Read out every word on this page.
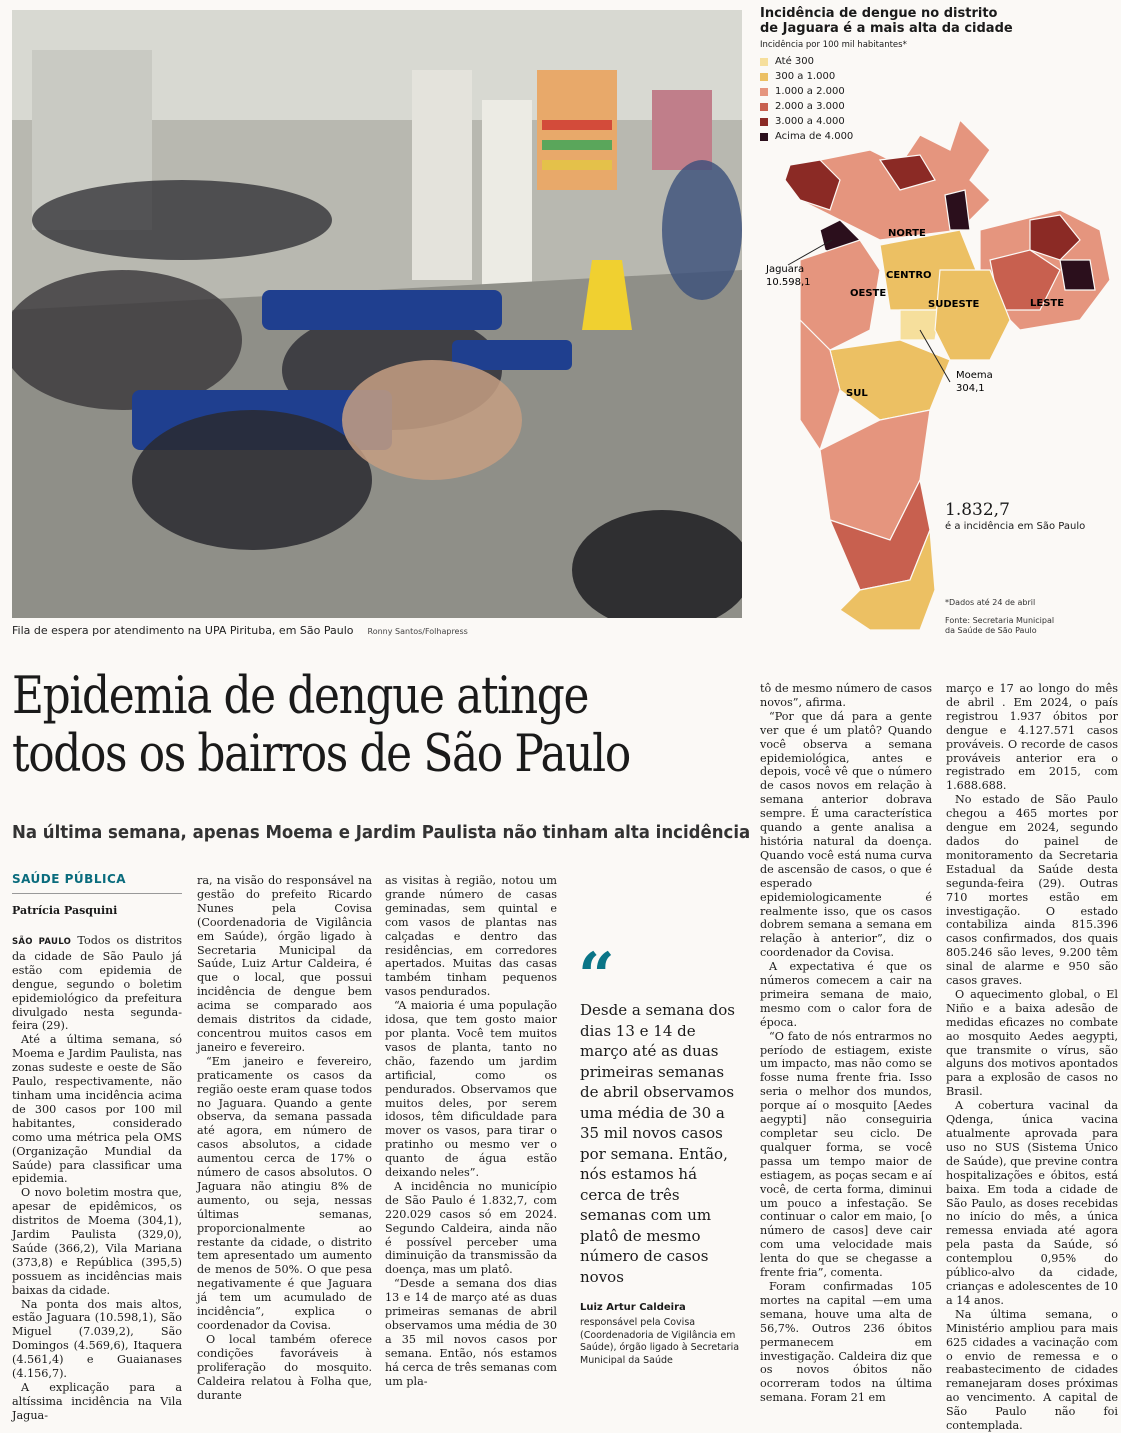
Fila de espera por atendimento na UPA Pirituba, em São Paulo Ronny Santos/Folhapress
Incidência de dengue no distrito
de Jaguara é a mais alta da cidade
Incidência por 100 mil habitantes*
Até 300
300 a 1.000
1.000 a 2.000
2.000 a 3.000
3.000 a 4.000
Acima de 4.000
NORTE
CENTRO
OESTE
SUDESTE	LESTE
SUL
Jaguara
10.598,1
Moema
304,1
1.832,7
é a incidência em São Paulo
*Dados até 24 de abril
Fonte: Secretaria Municipal
da Saúde de São Paulo
Epidemia de dengue atinge
todos os bairros de São Paulo
Na última semana, apenas Moema e Jardim Paulista não tinham alta incidência
SAÚDE PÚBLICA
Patrícia Pasquini

SÃO PAULO Todos os distritos da cidade de São Paulo já estão com epidemia de dengue, segundo o boletim epidemiológico da prefeitura divulgado nesta segunda-feira (29).

Até a última semana, só Moema e Jardim Paulista, nas zonas sudeste e oeste de São Paulo, respectivamente, não tinham uma incidência acima de 300 casos por 100 mil habitantes, considerado como uma métrica pela OMS (Organização Mundial da Saúde) para classificar uma epidemia.

O novo boletim mostra que, apesar de epidêmicos, os distritos de Moema (304,1), Jardim Paulista (329,0), Saúde (366,2), Vila Mariana (373,8) e República (395,5) possuem as incidências mais baixas da cidade.

Na ponta dos mais altos, estão Jaguara (10.598,1), São Miguel (7.039,2), São Domingos (4.569,6), Itaquera (4.561,4) e Guaianases (4.156,7).

A explicação para a altíssima incidência na Vila Jagua-

ra, na visão do responsável na gestão do prefeito Ricardo Nunes pela Covisa (Coordenadoria de Vigilância em Saúde), órgão ligado à Secretaria Municipal da Saúde, Luiz Artur Caldeira, é que o local, que possui incidência de dengue bem acima se comparado aos demais distritos da cidade, concentrou muitos casos em janeiro e fevereiro.

“Em janeiro e fevereiro, praticamente os casos da região oeste eram quase todos no Jaguara. Quando a gente observa, da semana passada até agora, em número de casos absolutos, a cidade aumentou cerca de 17% o número de casos absolutos. O Jaguara não atingiu 8% de aumento, ou seja, nessas últimas semanas, proporcionalmente ao restante da cidade, o distrito tem apresentado um aumento de menos de 50%. O que pesa negativamente é que Jaguara já tem um acumulado de incidência”, explica o coordenador da Covisa.

O local também oferece condições favoráveis à proliferação do mosquito. Caldeira relatou à Folha que, durante

as visitas à região, notou um grande número de casas geminadas, sem quintal e com vasos de plantas nas calçadas e dentro das residências, em corredores apertados. Muitas das casas também tinham pequenos vasos pendurados.

“A maioria é uma população idosa, que tem gosto maior por planta. Você tem muitos vasos de planta, tanto no chão, fazendo um jardim artificial, como os pendurados. Observamos que muitos deles, por serem idosos, têm dificuldade para mover os vasos, para tirar o pratinho ou mesmo ver o quanto de água estão deixando neles”.

A incidência no município de São Paulo é 1.832,7, com 220.029 casos só em 2024. Segundo Caldeira, ainda não é possível perceber uma diminuição da transmissão da doença, mas um platô.

“Desde a semana dos dias 13 e 14 de março até as duas primeiras semanas de abril observamos uma média de 30 a 35 mil novos casos por semana. Então, nós estamos há cerca de três semanas com um pla-

“
Desde a semana dos dias 13 e 14 de março até as duas primeiras semanas de abril observamos uma média de 30 a 35 mil novos casos por semana. Então, nós estamos há cerca de três semanas com um platô de mesmo número de casos novos
Luiz Artur Caldeira
responsável pela Covisa (Coordenadoria de Vigilância em Saúde), órgão ligado à Secretaria Municipal da Saúde

tô de mesmo número de casos novos”, afirma.

“Por que dá para a gente ver que é um platô? Quando você observa a semana epidemiológica, antes e depois, você vê que o número de casos novos em relação à semana anterior dobrava sempre. É uma característica quando a gente analisa a história natural da doença. Quando você está numa curva de ascensão de casos, o que é esperado epidemiologicamente é realmente isso, que os casos dobrem semana a semana em relação à anterior”, diz o coordenador da Covisa.

A expectativa é que os números comecem a cair na primeira semana de maio, mesmo com o calor fora de época.

“O fato de nós entrarmos no período de estiagem, existe um impacto, mas não como se fosse numa frente fria. Isso seria o melhor dos mundos, porque aí o mosquito [Aedes aegypti] não conseguiria completar seu ciclo. De qualquer forma, se você passa um tempo maior de estiagem, as poças secam e aí você, de certa forma, diminui um pouco a infestação. Se continuar o calor em maio, [o número de casos] deve cair com uma velocidade mais lenta do que se chegasse a frente fria”, comenta.

Foram confirmadas 105 mortes na capital —em uma semana, houve uma alta de 56,7%. Outros 236 óbitos permanecem em investigação. Caldeira diz que os novos óbitos não ocorreram todos na última semana. Foram 21 em

março e 17 ao longo do mês de abril . Em 2024, o país registrou 1.937 óbitos por dengue e 4.127.571 casos prováveis. O recorde de casos prováveis anterior era o registrado em 2015, com 1.688.688.

No estado de São Paulo chegou a 465 mortes por dengue em 2024, segundo dados do painel de monitoramento da Secretaria Estadual da Saúde desta segunda-feira (29). Outras 710 mortes estão em investigação. O estado contabiliza ainda 815.396 casos confirmados, dos quais 805.246 são leves, 9.200 têm sinal de alarme e 950 são casos graves.

O aquecimento global, o El Niño e a baixa adesão de medidas eficazes no combate ao mosquito Aedes aegypti, que transmite o vírus, são alguns dos motivos apontados para a explosão de casos no Brasil.

A cobertura vacinal da Qdenga, única vacina atualmente aprovada para uso no SUS (Sistema Único de Saúde), que previne contra hospitalizações e óbitos, está baixa. Em toda a cidade de São Paulo, as doses recebidas no início do mês, a única remessa enviada até agora pela pasta da Saúde, só contemplou 0,95% do público-alvo da cidade, crianças e adolescentes de 10 a 14 anos.

Na última semana, o Ministério ampliou para mais 625 cidades a vacinação com o envio de remessa e o reabastecimento de cidades remanejaram doses próximas ao vencimento. A capital de São Paulo não foi contemplada.
